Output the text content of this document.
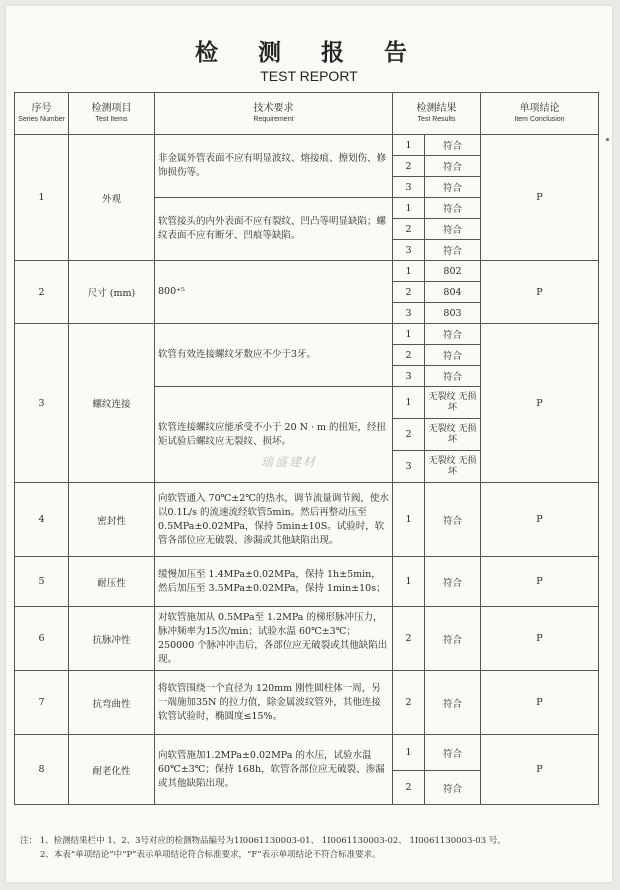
检 测 报 告
TEST REPORT
序号
Series Number	检测项目
Test Items	技术要求
Requirement	检测结果
Test Results		单项结论
Item Conclusion

1	外观	非金属外管表面不应有明显波纹、熔接痕、擦划伤、修饰损伤等。	1	符合	P
			2	符合	
			3	符合	
		软管接头的内外表面不应有裂纹、凹凸等明显缺陷；螺纹表面不应有断牙、凹痕等缺陷。	1	符合	
			2	符合	
			3	符合	
2	尺寸 (mm)	800⁺⁵	1	802	P
			2	804	
			3	803	
3	螺纹连接	软管有效连接螺纹牙数应不少于3牙。	1	符合	P
			2	符合	
			3	符合	
		软管连接螺纹应能承受不小于 20 N · m 的扭矩，经扭矩试验后螺纹应无裂纹、损坏。	1	无裂纹 无损坏	
			2	无裂纹 无损坏	
			3	无裂纹 无损坏	
4	密封性	向软管通入 70℃±2℃的热水，调节流量调节阀，使水以0.1L/s 的流速流经软管5min。然后再整动压至0.5MPa±0.02MPa，保持 5min±10S。试验时，软管各部位应无破裂、渗漏或其他缺陷出现。	1	符合	P
5	耐压性	缓慢加压至 1.4MPa±0.02MPa，保持 1h±5min，然后加压至 3.5MPa±0.02MPa，保持 1min±10s；	1	符合	P
6	抗脉冲性	对软管施加从 0.5MPa至 1.2MPa 的梯形脉冲压力，脉冲频率为15次/min；试验水温 60℃±3℃；250000 个脉冲冲击后，各部位应无破裂或其他缺陷出现。	2	符合	P
7	抗弯曲性	将软管围绕一个直径为 120mm 刚性圆柱体一周，另一端施加35N 的拉力值，除金属波纹管外，其他连接软管试验时，椭圆度≤15%。	2	符合	P
8	耐老化性	向软管施加1.2MPa±0.02MPa 的水压，试验水温 60℃±3℃；保持 168h，软管各部位应无破裂、渗漏或其他缺陷出现。	1	符合	P
			2	符合	
瑞盛建材
注： 1、检测结果栏中 1、2、3号对应的检测物品编号为1I0061130003-01、 1I0061130003-02、 1I0061130003-03 号。
2、本表“单项结论”中“P”表示单项结论符合标准要求，“F”表示单项结论不符合标准要求。
